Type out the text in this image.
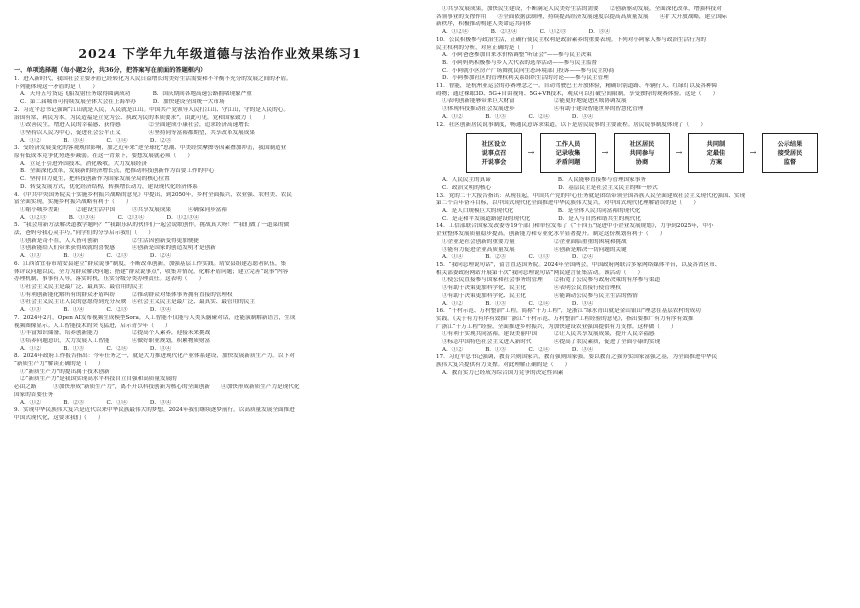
2024 下学年九年级道德与法治作业效果练习1
一、单项选择题（每小题2分，共36分，把答案写在前面的答题框内）
1．进入新时代，我国社会主要矛盾已经转化为人民日益增长的美好生活需要和不平衡不充分的发展之间的矛盾。
下列能体现这一矛盾的是（　　）
A．天舟五号货运飞船发射任务取得圆满成功　　　　B．国庆期间各地高速公路拥堵现象严重
C．第二届城市可持续发展全体大会在上海举办　　　D．加快建设全国统一大市场
2．习近平总书记强调“江山就是人民，人民就是江山。中国共产党领导人民打江山、守江山，守的是人民的心。
治国有常，利民为本。为民造福是立党为公、执政为民的本质要求”。由此可见，党和国家致力（　　）
①改善民生，增进人民的幸福感、获得感　　　　　②全面建成小康社会，追求经济高速增长
③坚持以人民为中心，促进社会公平正义　　　　　④坚持同等富裕都期望，共享改革发展成果
A．①②　　　　B．③④　　　　C．①④　　　　D．②③
3．受经济发展变化的客观规律影响，加之近年来“逆全球化”思潮、中美经贸摩擦等因素叠加冲击，我国制造业
原有低成本竞争优势逐步减弱。在这一背景下，要想发展就必须（　　）
A．立足于引进外国技术，消化吸收，大力发展经济
B．全面深化改革，发展新的经济增长点，把推动科技创新作为首要工作的中心
C．坚持自力更生，把科技创新作为国家发展全局的核心位置
D．转变发展方式，优化经济结构，转换增长动力，建设现代化经济体系
4．《中共中央国务院关于实施乡村振兴战略的意见》中提出，到2050年，乡村全面振兴，农业强、农村美、农民
富全面实现，实施乡村振兴战略有利于（　　）
①缩小城乡差距　　　②建设生活中国　　　③共享发展成果　　　④确保同步富裕
A．①②③　　　　B．①③④　　　　C．②③④　　　　D．①②③④
5．“我会用新方法解决道教学题吗？”“我跟乐队的伙伴们一起会说歌创作，挑战真大呀！”“我们做了一道菜的做
法，爸妈夸我心灵手巧。”同学们的分享启示我们（　　）
①创新是奇不在，人人皆可创新　　　　　　②生活因创新变得更加便捷
③创新能给人们带来获得成就的喜悦感　　　④创新是国家的创造发明才是创新
A．①③　　　　B．①④　　　　C．②③　　　　D．②④
6．江西省宜春市靖安县建立“群众说事”制度，不断改革创新，加强基层工作实践。靖安县组建志愿者队伍，集
体评议问题以民，全力为群众解决问题；搭建“群众说事点”，收集并情况，化解矛盾问题；建立完善“说事”内容
办理机制，事事有人导，落实时机，压实分级分类办理责任。这表明（　　）
①社会主义民主是最广泛、最真实、最管用的民主
①有利创新能化解所有的群众矛盾纠纷　　　②推动群众对集体事务拥有直接的管理权
③社会主义民主让人民的意愿得到充分反映　④社会主义民主是最广泛、最真实、最管用的民主
A．①③　　　　B．①④　　　　C．②③　　　　D．③④
7．2024年2月，Open AI发布视频生成模型Sora。人工智能不仅能与人类头脑碰对话，还能演制解新语言，生成
视频图像显示。人工智能技术的突飞猛进，启示青少年（　　）
①丰富知识储备，培养创新能力　　　　　　②提高个人素养，迎接未来挑战
③培养问题意识，大力发展人工智能　　　　④做好职业规划，积累物质财富
A．①②　　　　B．①③　　　　C．②④　　　　D．③④
8．2024年政府工作报告指出：今年任务之一，就是大力推进现代化产业体系建设，加快发展新质生产力。以下对
“新质生产力”解读正确的是（　　）
①“新质生产力”的提出属于技术创新
②“新质生产力”是我国实现高水平科技自立自强和高质量发展的
必由之路　　　③加快形成“新质生产力”，离不开以科技创新为核心的全面创新　　④加快形成新质生产力是现代化
国家的首要任务
A．①②　　　　B．②③　　　　C．①④　　　　D．③④
9．实现中华民族伟大复兴是近代以来中华民族最伟大的梦想。2024年我们继续逐梦前行，以高质量发展全面推进
中国式现代化，这要求我们（　　）
①共享发展成果，加快民生建设，不断满足人民美好生活的需要　　②创新驱动发展，全面深化改革，增强科技对
各领事业的支撑作用　　③全面依据法制理，持续提高经济发展速度以提高高质量发展　　④扩大开放战略，建立国际
新秩序，积极推动构建人类命运共同体
A．①②④　　　　B．②③④　　　　C．①②③　　　　D．③④
10．公民积极参与政治生活，正确行使民主权利是政治素养的重要表现。下列对小阿家人参与政治生活行为的
民主权利的分析，对应正确的是（　　）
A．小阿爸爸参加自来水价格调整“听证会”——参与民主决策
B．小阿妈妈积极参与乡人大代表的选举活动——参与民主监督
C．小阿就小区房产广场舞扰民向生态环境部门投诉——参与民主协商
D．小阿参加社区的管理权利关系组织生活的讨论——参与民主管理
11．智能，是杭州亚运会的办赛理念之一。自动驾驶巴士开放体验，精确识别道路、车辆行人、红绿灯以及各种障
碍物；通过裸眼3D、5G+自由视角、5G+VR技术，观众可以打破空间限制，享受独特的观赛体验。这是（　　）
①表明创新能够带来巨大财富　　　　　　　②能更好地促进区域协调发展
③体现科技推动社会发展进步　　　　　　　④有助于建设智能世界的智慧化管理
A．①②　　　　B．①③　　　　C．②④　　　　D．③④
12．社区创新居民说事制度，畅通民意诉求渠道，以下是居民说事的主要流程。居民说事制度体现了（　　）
社区设立
说事点召
开说事会
→
工作人员
记录收集
矛盾问题
→
社区居民
共同参与
协商
→
共同制
定最佳
方案
→
公示结果
接受居民
监督
A．人民民主的真谛　　　　　　　　　　　　B．人民能够直接参与管理国家事务
C．政治文明的核心　　　　　　　　　　　　D．基层民主是社会主义民主的唯一形式
13．党的二十大报告指出：从现在起，中国共产党的中心任务就是团结带领全国各族人民全面建成社会主义现代化强国、实现
第二个百年奋斗目标，以中国式现代化全面推进中华民族伟大复兴。对中国式现代化理解错误的是（　　）
A．是人口规模巨大的现代化　　　　　　　　B．是全体人民共同富裕的现代化
C．是走和平发展道路建设的现代化　　　　　D．是人与自然和谐共生的现代化
14．工信部联合国家发改委等19个部门和单位发布了《“十四五”促进中小企业发展规划》，力争到2025年，中小
企业整体发展质量稳步提高，创新能力和专业化水平显著提升。制定这份规划有利于（　　）
①企业是社会创新的重要力量　　　　　　　②企业面临重重的困境和挑战
③能有力促进企业高质量发展　　　　　　　④创新是解决一切问题的关键
A．①④　　　　B．②③　　　　C．①③　　　　D．②④
15．“我向总理说句话”，留言直达国务院。2024年全国两会，中国政府网联合多家网络媒体平台，以及各省区市、
相关部委政府网站开展第十次“我向总理说句话”网民建言征集活动。该活动（　　）
①使公民直接参与国家和社会事务的管理　　②拓宽了公民参与政府决策的有序参与渠道
③有助于决策更加科学化、民主化　　　　　④表明公民直接行使管理权
③有助于决策更加科学化、民主化　　　　　④能调动公民参与民主生活的热情
A．①②　　　　B．①③　　　　C．②④　　　　D．③④
16．“千村示范、万村整治”工程，简称“千万工程”，是浙江“绿水青山就是金山银山”理念在基层农村的成功
实践。《关于有力有序有效推广浙江“千村示范、万村整治”工程经验的意见》，指出要推广有力有序有效推
广浙江“千万工程”经验，全面推进乡村振兴，为加快建设农业强国提供有力支撑。这样做（　　）
①有利于实现共同富裕，建设美丽中国　　　②让人民共享发展成果，提升人民幸福感
③标志中国特色社会主义进入新时代　　　　④提高了农民素质，促进了全面小康的实现
A．①②　　　　B．①③　　　　C．②④　　　　D．③④
17．习近平总书记强调，教育兴则国家兴，教育强则国家强。要以教育之强夯实国家富强之基，为全面推进中华民
族伟大复兴提供有力支撑。对此理解正确的是（　　）
A．教育实力已经成为综合国力竞争的决定性因素
